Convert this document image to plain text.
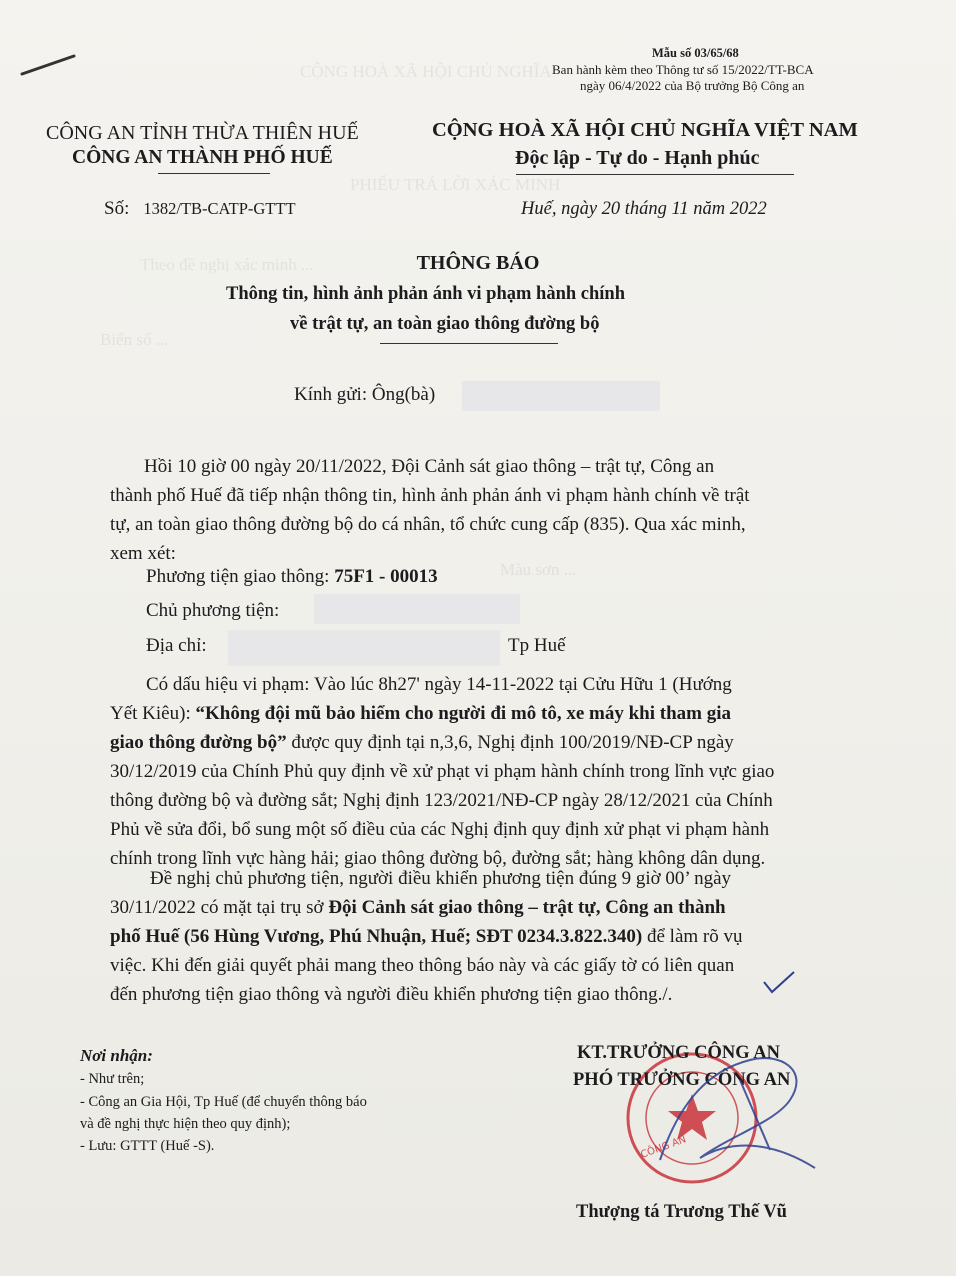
CỘNG HOÀ XÃ HỘI CHỦ NGHĨA
PHIẾU TRẢ LỜI XÁC MINH
Theo đề nghị xác minh ...
Biển số ...
Màu sơn ...
Mẫu số 03/65/68
Ban hành kèm theo Thông tư số 15/2022/TT-BCA
ngày 06/4/2022 của Bộ trưởng Bộ Công an
CÔNG AN TỈNH THỪA THIÊN HUẾ
CÔNG AN THÀNH PHỐ HUẾ
CỘNG HOÀ XÃ HỘI CHỦ NGHĨA VIỆT NAM
Độc lập - Tự do - Hạnh phúc
Số: 1382/TB-CATP-GTTT	Huế, ngày 20 tháng 11 năm 2022
THÔNG BÁO
Thông tin, hình ảnh phản ánh vi phạm hành chính
về trật tự, an toàn giao thông đường bộ
Kính gửi: Ông(bà)
Hồi 10 giờ 00 ngày 20/11/2022, Đội Cảnh sát giao thông – trật tự, Công an
thành phố Huế đã tiếp nhận thông tin, hình ảnh phản ánh vi phạm hành chính về trật
tự, an toàn giao thông đường bộ do cá nhân, tổ chức cung cấp (835). Qua xác minh,
xem xét:
Phương tiện giao thông: 75F1 - 00013
Chủ phương tiện:
Địa chỉ:	Tp Huế
Có dấu hiệu vi phạm: Vào lúc 8h27' ngày 14-11-2022 tại Cửu Hữu 1 (Hướng
Yết Kiêu): “Không đội mũ bảo hiểm cho người đi mô tô, xe máy khi tham gia
giao thông đường bộ” được quy định tại n,3,6, Nghị định 100/2019/NĐ-CP ngày
30/12/2019 của Chính Phủ quy định về xử phạt vi phạm hành chính trong lĩnh vực giao
thông đường bộ và đường sắt; Nghị định 123/2021/NĐ-CP ngày 28/12/2021 của Chính
Phủ về sửa đổi, bổ sung một số điều của các Nghị định quy định xử phạt vi phạm hành
chính trong lĩnh vực hàng hải; giao thông đường bộ, đường sắt; hàng không dân dụng.
Đề nghị chủ phương tiện, người điều khiển phương tiện đúng 9 giờ 00’ ngày
30/11/2022 có mặt tại trụ sở Đội Cảnh sát giao thông – trật tự, Công an thành
phố Huế (56 Hùng Vương, Phú Nhuận, Huế; SĐT 0234.3.822.340) để làm rõ vụ
việc. Khi đến giải quyết phải mang theo thông báo này và các giấy tờ có liên quan
đến phương tiện giao thông và người điều khiển phương tiện giao thông./.
Nơi nhận:
- Như trên;
- Công an Gia Hội, Tp Huế (để chuyển thông báo
và đề nghị thực hiện theo quy định);
- Lưu: GTTT (Huế -S).	CÔNG AN
KT.TRƯỞNG CÔNG AN
PHÓ TRƯỞNG CÔNG AN
Thượng tá Trương Thế Vũ
